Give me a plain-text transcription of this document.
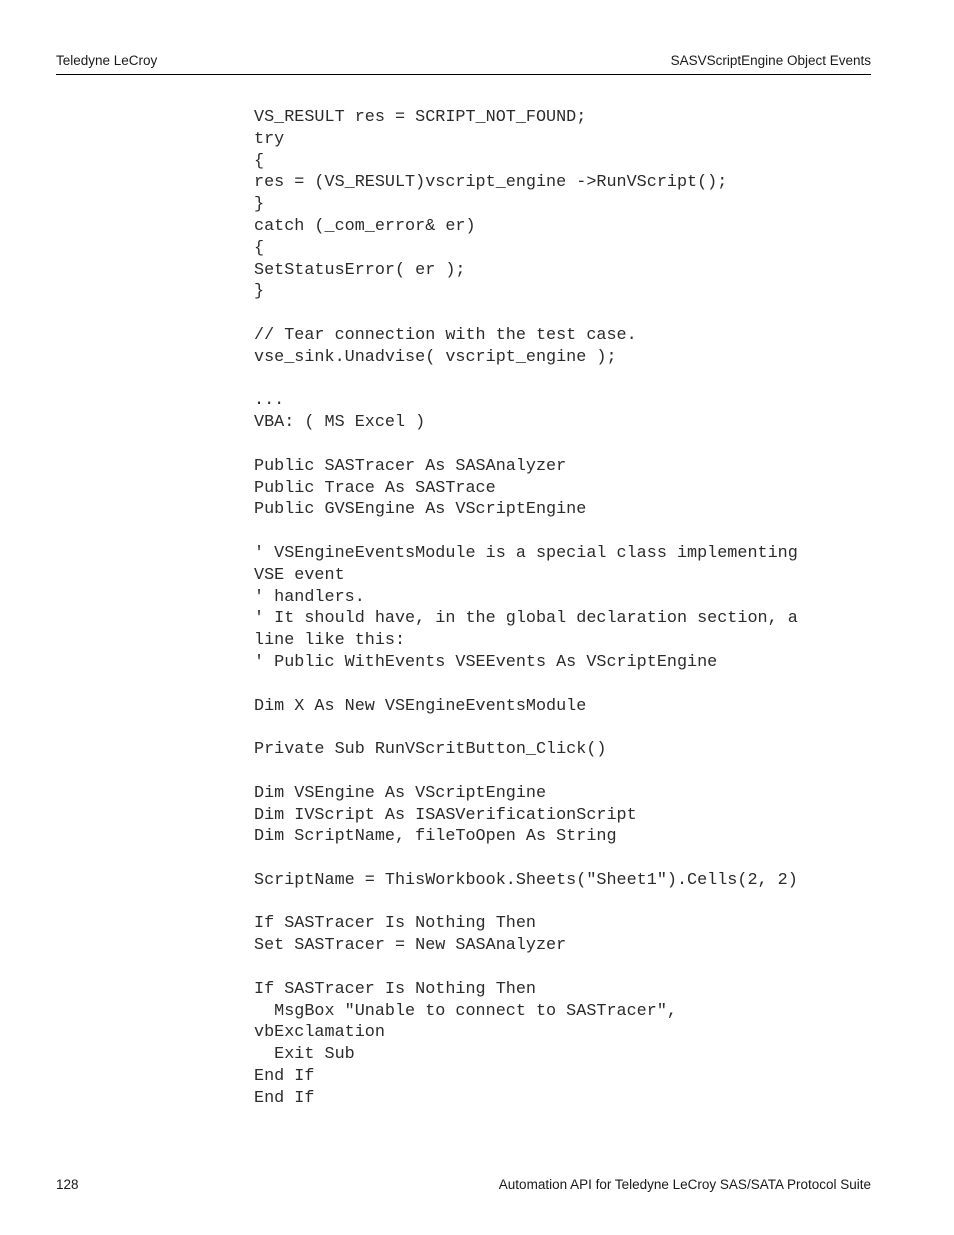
Teledyne LeCroy	SASVScriptEngine Object Events
VS_RESULT res = SCRIPT_NOT_FOUND;
try
{
res = (VS_RESULT)vscript_engine ->RunVScript();
}
catch (_com_error& er)
{
SetStatusError( er );
}

// Tear connection with the test case.
vse_sink.Unadvise( vscript_engine );

...
VBA: ( MS Excel )

Public SASTracer As SASAnalyzer
Public Trace As SASTrace
Public GVSEngine As VScriptEngine

' VSEngineEventsModule is a special class implementing
VSE event
' handlers.
' It should have, in the global declaration section, a
line like this:
' Public WithEvents VSEEvents As VScriptEngine

Dim X As New VSEngineEventsModule

Private Sub RunVScritButton_Click()

Dim VSEngine As VScriptEngine
Dim IVScript As ISASVerificationScript
Dim ScriptName, fileToOpen As String

ScriptName = ThisWorkbook.Sheets("Sheet1").Cells(2, 2)

If SASTracer Is Nothing Then
Set SASTracer = New SASAnalyzer

If SASTracer Is Nothing Then
MsgBox "Unable to connect to SASTracer",
vbExclamation
Exit Sub
End If
End If
128	Automation API for Teledyne LeCroy SAS/SATA Protocol Suite
